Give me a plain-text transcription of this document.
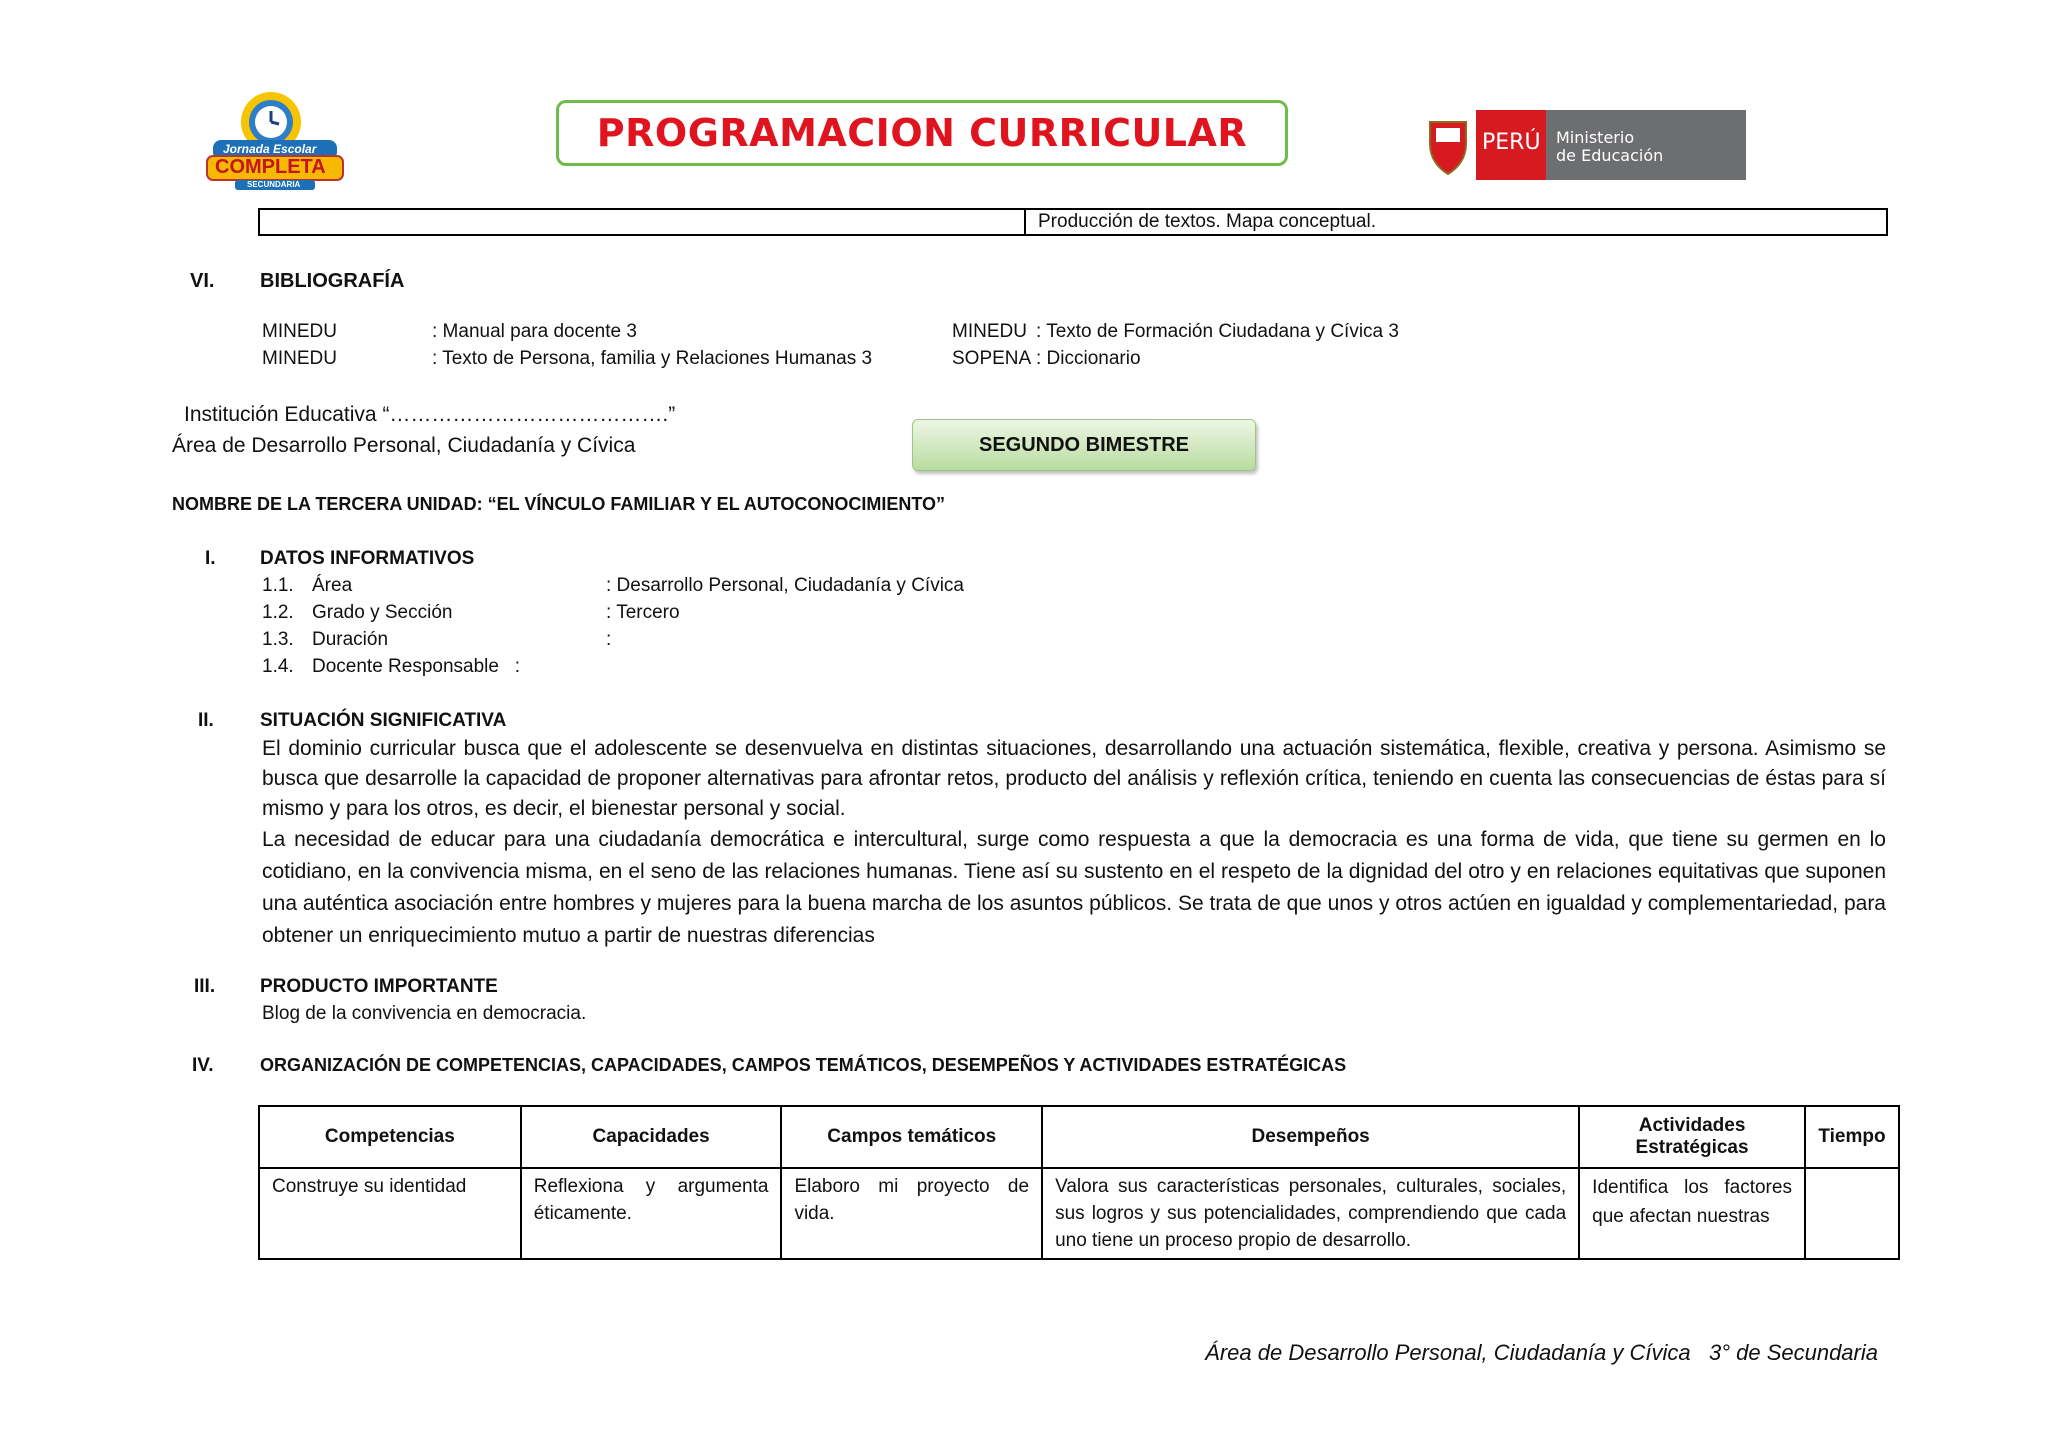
Jornada Escolar
COMPLETA
SECUNDARIA
PROGRAMACION CURRICULAR	PERÚ Ministerio
de Educación
Producción de textos. Mapa conceptual.
VI. BIBLIOGRAFÍA
MINEDU	: Manual para docente 3	MINEDU : Texto de Formación Ciudadana y Cívica 3
MINEDU	: Texto de Persona, familia y Relaciones Humanas 3	SOPENA : Diccionario
Institución Educativa “………………………………….”
Área de Desarrollo Personal, Ciudadanía y Cívica	SEGUNDO BIMESTRE
NOMBRE DE LA TERCERA UNIDAD: “EL VÍNCULO FAMILIAR Y EL AUTOCONOCIMIENTO”
I. DATOS INFORMATIVOS
1.1. Área	: Desarrollo Personal, Ciudadanía y Cívica
1.2. Grado y Sección	: Tercero
1.3. Duración	:
1.4. Docente Responsable   :
II. SITUACIÓN SIGNIFICATIVA
El dominio curricular busca que el adolescente se desenvuelva en distintas situaciones, desarrollando una actuación sistemática, flexible, creativa y persona. Asimismo se busca que desarrolle la capacidad de proponer alternativas para afrontar retos, producto del análisis y reflexión crítica, teniendo en cuenta las consecuencias de éstas para sí mismo y para los otros, es decir, el bienestar personal y social.
La necesidad de educar para una ciudadanía democrática e intercultural, surge como respuesta a que la democracia es una forma de vida, que tiene su germen en lo cotidiano, en la convivencia misma, en el seno de las relaciones humanas. Tiene así su sustento en el respeto de la dignidad del otro y en relaciones equitativas que suponen una auténtica asociación entre hombres y mujeres para la buena marcha de los asuntos públicos. Se trata de que unos y otros actúen en igualdad y complementariedad, para obtener un enriquecimiento mutuo a partir de nuestras diferencias
III. PRODUCTO IMPORTANTE
Blog de la convivencia en democracia.
IV.	ORGANIZACIÓN DE COMPETENCIAS, CAPACIDADES, CAMPOS TEMÁTICOS, DESEMPEÑOS Y ACTIVIDADES ESTRATÉGICAS
Competencias	Capacidades	Campos temáticos	Desempeños	Actividades Estratégicas	Tiempo
Construye su identidad	Reflexiona y argumenta éticamente.	Elaboro mi proyecto de vida.	Valora sus características personales, culturales, sociales, sus logros y sus potencialidades, comprendiendo que cada uno tiene un proceso propio de desarrollo.	Identifica los factores que afectan nuestras	
Área de Desarrollo Personal, Ciudadanía y Cívica   3° de Secundaria
